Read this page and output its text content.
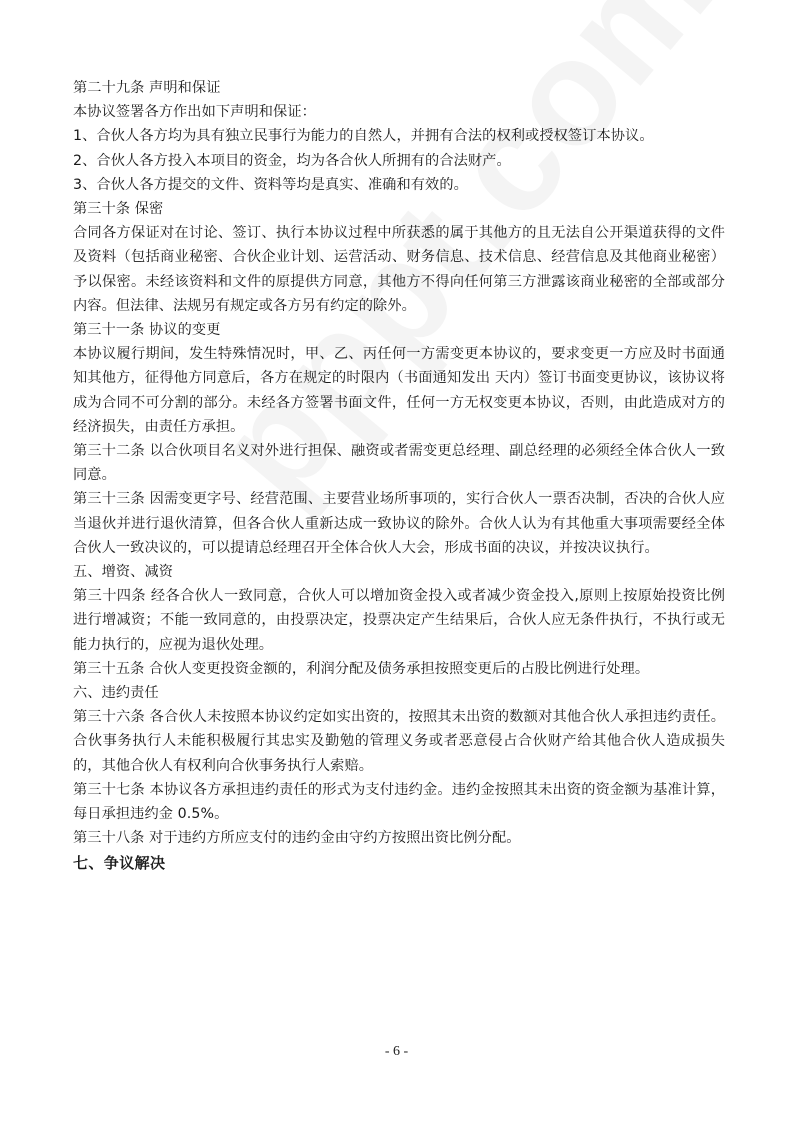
第二十九条 声明和保证

本协议签署各方作出如下声明和保证：

1、合伙人各方均为具有独立民事行为能力的自然人，并拥有合法的权利或授权签订本协议。

2、合伙人各方投入本项目的资金，均为各合伙人所拥有的合法财产。

3、合伙人各方提交的文件、资料等均是真实、准确和有效的。

第三十条 保密

合同各方保证对在讨论、签订、执行本协议过程中所获悉的属于其他方的且无法自公开渠道获得的文件及资料（包括商业秘密、合伙企业计划、运营活动、财务信息、技术信息、经营信息及其他商业秘密）予以保密。未经该资料和文件的原提供方同意，其他方不得向任何第三方泄露该商业秘密的全部或部分内容。但法律、法规另有规定或各方另有约定的除外。

第三十一条 协议的变更

本协议履行期间，发生特殊情况时，甲、乙、丙任何一方需变更本协议的，要求变更一方应及时书面通知其他方，征得他方同意后，各方在规定的时限内（书面通知发出 天内）签订书面变更协议，该协议将成为合同不可分割的部分。未经各方签署书面文件，任何一方无权变更本协议，否则，由此造成对方的经济损失，由责任方承担。

第三十二条 以合伙项目名义对外进行担保、融资或者需变更总经理、副总经理的必须经全体合伙人一致同意。

第三十三条 因需变更字号、经营范围、主要营业场所事项的，实行合伙人一票否决制，否决的合伙人应当退伙并进行退伙清算，但各合伙人重新达成一致协议的除外。合伙人认为有其他重大事项需要经全体合伙人一致决议的，可以提请总经理召开全体合伙人大会，形成书面的决议，并按决议执行。

五、增资、减资

第三十四条 经各合伙人一致同意，合伙人可以增加资金投入或者减少资金投入,原则上按原始投资比例进行增减资；不能一致同意的，由投票决定，投票决定产生结果后，合伙人应无条件执行，不执行或无能力执行的，应视为退伙处理。

第三十五条 合伙人变更投资金额的，利润分配及债务承担按照变更后的占股比例进行处理。

六、违约责任

第三十六条 各合伙人未按照本协议约定如实出资的，按照其未出资的数额对其他合伙人承担违约责任。合伙事务执行人未能积极履行其忠实及勤勉的管理义务或者恶意侵占合伙财产给其他合伙人造成损失的，其他合伙人有权利向合伙事务执行人索赔。

第三十七条 本协议各方承担违约责任的形式为支付违约金。违约金按照其未出资的资金额为基准计算，每日承担违约金 0.5%。

第三十八条 对于违约方所应支付的违约金由守约方按照出资比例分配。

七、争议解决

- 6 -
